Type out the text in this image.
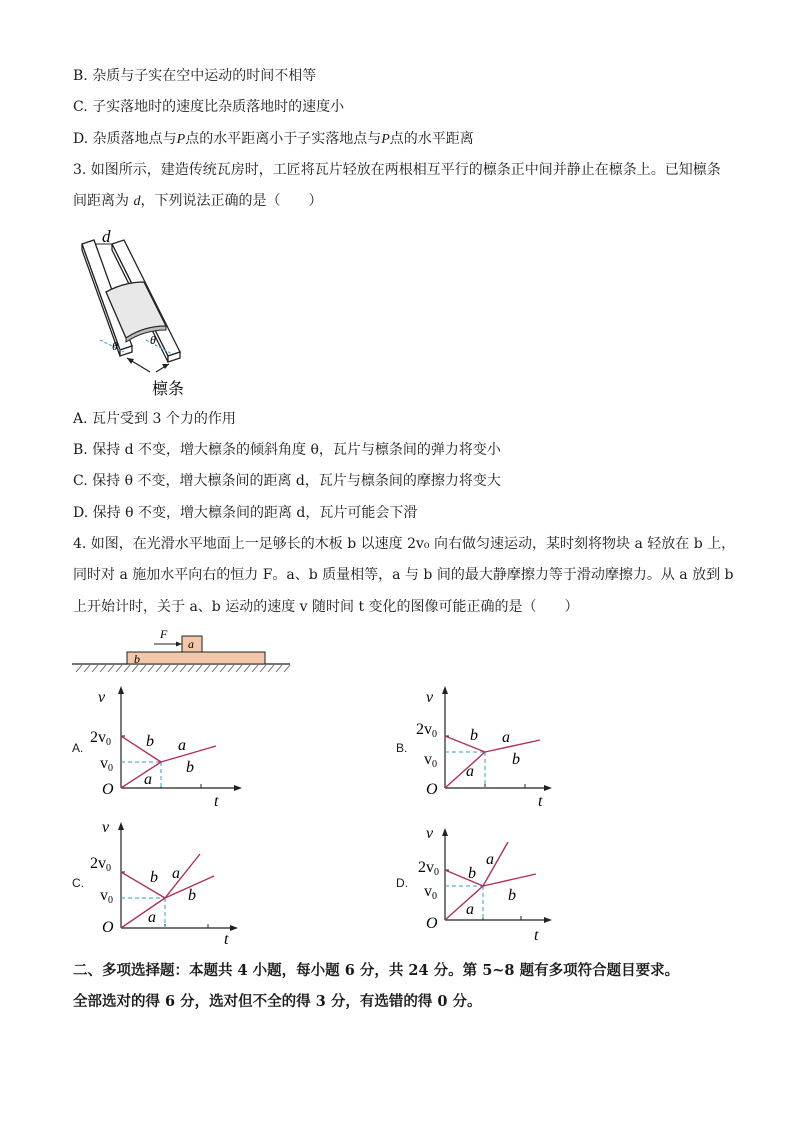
B. 杂质与子实在空中运动的时间不相等
C. 子实落地时的速度比杂质落地时的速度小
D. 杂质落地点与P点的水平距离小于子实落地点与P点的水平距离
3. 如图所示，建造传统瓦房时，工匠将瓦片轻放在两根相互平行的檩条正中间并静止在檩条上。已知檩条
间距离为 d，下列说法正确的是（　　）
d
θ	θ
檩条
A. 瓦片受到 3 个力的作用
B. 保持 d 不变，增大檩条的倾斜角度 θ，瓦片与檩条间的弹力将变小
C. 保持 θ 不变，增大檩条间的距离 d，瓦片与檩条间的摩擦力将变大
D. 保持 θ 不变，增大檩条间的距离 d，瓦片可能会下滑
4. 如图，在光滑水平地面上一足够长的木板 b 以速度 2v₀ 向右做匀速运动，某时刻将物块 a 轻放在 b 上，
同时对 a 施加水平向右的恒力 F。a、b 质量相等，a 与 b 间的最大静摩擦力等于滑动摩擦力。从 a 放到 b
上开始计时，关于 a、b 运动的速度 v 随时间 t 变化的图像可能正确的是（　　）
b
a
F
A.
v
t
O
2v0
v0
b a
b
a
B.
v
t
O
2v0
v0
b a
b
a
C.
v
t
O
2v0
v0
b a
b
a
D.
v
t
O
2v0
v0
b
a
b
a
二、多项选择题：本题共 4 小题，每小题 6 分，共 24 分。第 5~8 题有多项符合题目要求。
全部选对的得 6 分，选对但不全的得 3 分，有选错的得 0 分。
